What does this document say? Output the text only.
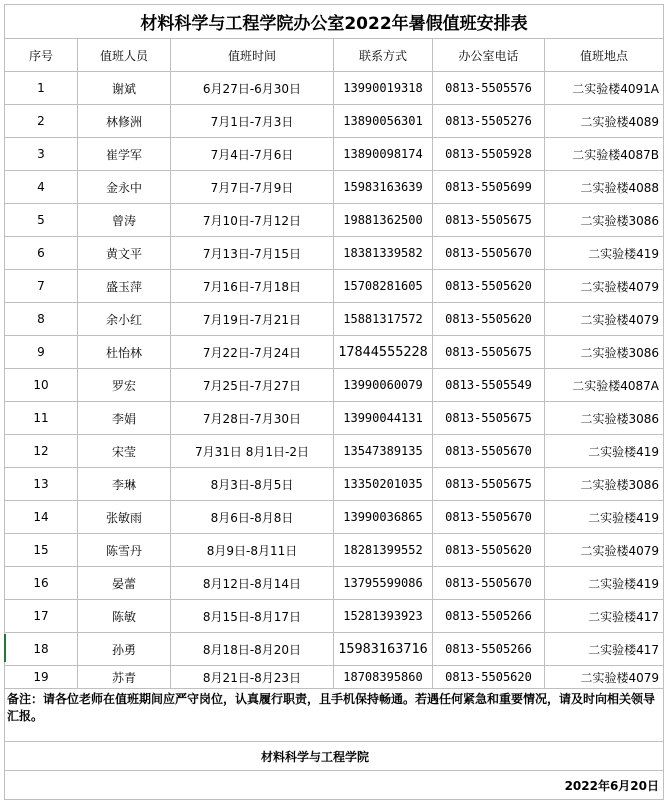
材料科学与工程学院办公室2022年暑假值班安排表					
序号	值班人员	值班时间	联系方式	办公室电话	值班地点
1	谢斌	6月27日-6月30日	13990019318	0813-5505576	二实验楼4091A
2	林修洲	7月1日-7月3日	13890056301	0813-5505276	二实验楼4089
3	崔学军	7月4日-7月6日	13890098174	0813-5505928	二实验楼4087B
4	金永中	7月7日-7月9日	15983163639	0813-5505699	二实验楼4088
5	曾涛	7月10日-7月12日	19881362500	0813-5505675	二实验楼3086
6	黄文平	7月13日-7月15日	18381339582	0813-5505670	二实验楼419
7	盛玉萍	7月16日-7月18日	15708281605	0813-5505620	二实验楼4079
8	余小红	7月19日-7月21日	15881317572	0813-5505620	二实验楼4079
9	杜怡林	7月22日-7月24日	17844555228	0813-5505675	二实验楼3086
10	罗宏	7月25日-7月27日	13990060079	0813-5505549	二实验楼4087A
11	李娟	7月28日-7月30日	13990044131	0813-5505675	二实验楼3086
12	宋莹	7月31日 8月1日-2日	13547389135	0813-5505670	二实验楼419
13	李琳	8月3日-8月5日	13350201035	0813-5505675	二实验楼3086
14	张敏雨	8月6日-8月8日	13990036865	0813-5505670	二实验楼419
15	陈雪丹	8月9日-8月11日	18281399552	0813-5505620	二实验楼4079
16	晏蕾	8月12日-8月14日	13795599086	0813-5505670	二实验楼419
17	陈敏	8月15日-8月17日	15281393923	0813-5505266	二实验楼417
18	孙勇	8月18日-8月20日	15983163716	0813-5505266	二实验楼417
19	苏青	8月21日-8月23日	18708395860	0813-5505620	二实验楼4079
备注：请各位老师在值班期间应严守岗位，认真履行职责，且手机保持畅通。若遇任何紧急和重要情况，请及时向相关领导汇报。					
		材料科学与工程学院			
				2022年6月20日	
